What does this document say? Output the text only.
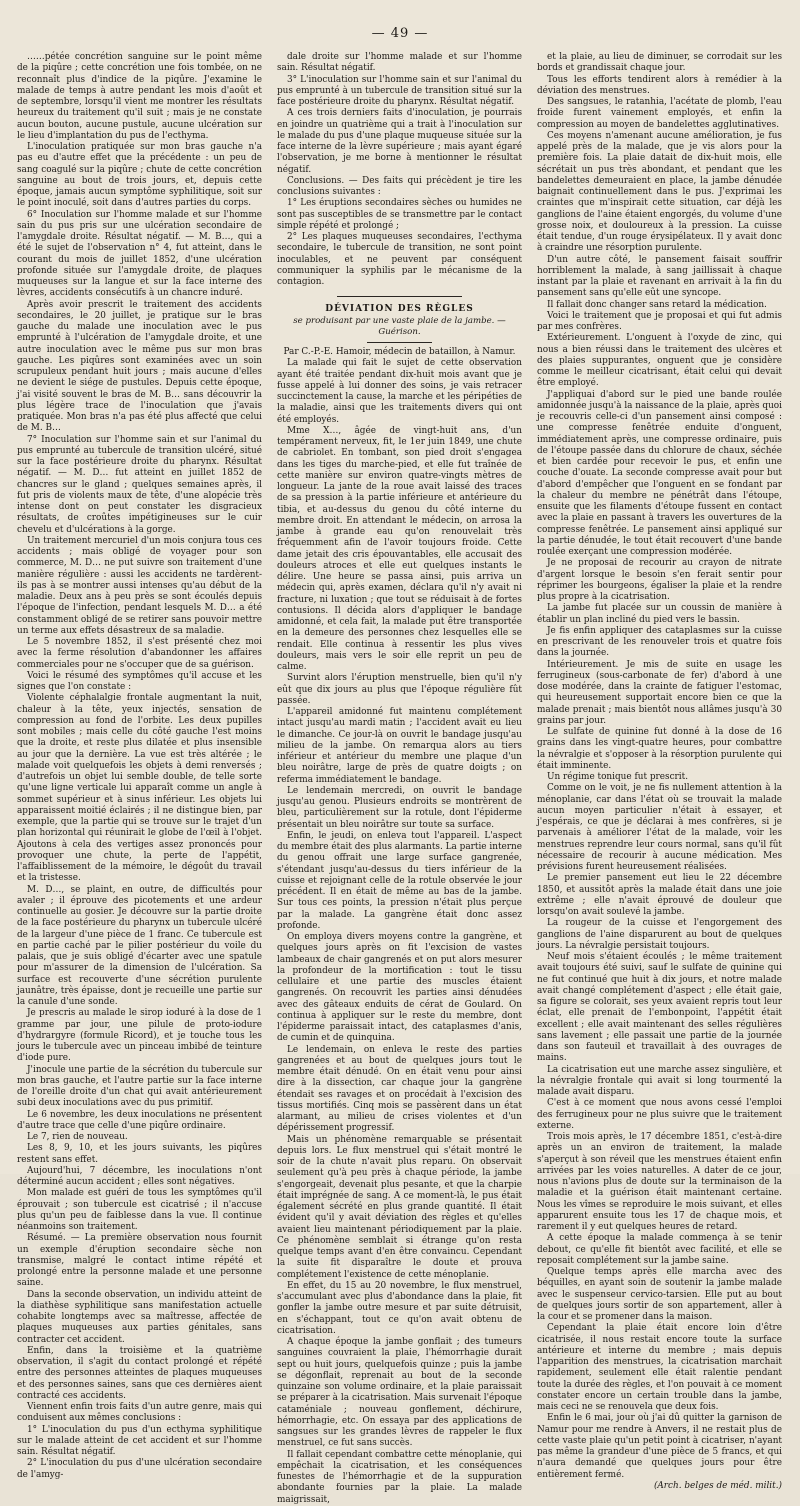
— 49 —

……pétée concrétion sanguine sur le point même de la piqûre ; cette concrétion une fois tombée, on ne reconnaît plus d'indice de la piqûre. J'examine le malade de temps à autre pendant les mois d'août et de septembre, lorsqu'il vient me montrer les résultats heureux du traitement qu'il suit ; mais je ne constate aucun bouton, aucune pustule, aucune ulcération sur le lieu d'implantation du pus de l'ecthyma.

L'inoculation pratiquée sur mon bras gauche n'a pas eu d'autre effet que la précédente : un peu de sang coagulé sur la piqûre ; chute de cette concrétion sanguine au bout de trois jours, et, depuis cette époque, jamais aucun symptôme syphilitique, soit sur le point inoculé, soit dans d'autres parties du corps.

6° Inoculation sur l'homme malade et sur l'homme sain du pus pris sur une ulcération secondaire de l'amygdale droite. Résultat négatif. — M. B…, qui a été le sujet de l'observation n° 4, fut atteint, dans le courant du mois de juillet 1852, d'une ulcération profonde située sur l'amygdale droite, de plaques muqueuses sur la langue et sur la face interne des lèvres, accidents consécutifs à un chancre induré.

Après avoir prescrit le traitement des accidents secondaires, le 20 juillet, je pratique sur le bras gauche du malade une inoculation avec le pus emprunté à l'ulcération de l'amygdale droite, et une autre inoculation avec le même pus sur mon bras gauche. Les piqûres sont examinées avec un soin scrupuleux pendant huit jours ; mais aucune d'elles ne devient le siége de pustules. Depuis cette époque, j'ai visité souvent le bras de M. B… sans découvrir la plus légère trace de l'inoculation que j'avais pratiquée. Mon bras n'a pas été plus affecté que celui de M. B…

7° Inoculation sur l'homme sain et sur l'animal du pus emprunté au tubercule de transition ulcéré, situé sur la face postérieure droite du pharynx. Résultat négatif. — M. D… fut atteint en juillet 1852 de chancres sur le gland ; quelques semaines après, il fut pris de violents maux de tête, d'une alopécie très intense dont on peut constater les disgracieux résultats, de croûtes impétigineuses sur le cuir chevelu et d'ulcérations à la gorge.

Un traitement mercuriel d'un mois conjura tous ces accidents ; mais obligé de voyager pour son commerce, M. D… ne put suivre son traitement d'une manière régulière : aussi les accidents ne tardèrent-ils pas à se montrer aussi intenses qu'au début de la maladie. Deux ans à peu près se sont écoulés depuis l'époque de l'infection, pendant lesquels M. D… a été constamment obligé de se retirer sans pouvoir mettre un terme aux effets désastreux de sa maladie.

Le 5 novembre 1852, il s'est présenté chez moi avec la ferme résolution d'abandonner les affaires commerciales pour ne s'occuper que de sa guérison.

Voici le résumé des symptômes qu'il accuse et les signes que l'on constate :

Violente céphalalgie frontale augmentant la nuit, chaleur à la tête, yeux injectés, sensation de compression au fond de l'orbite. Les deux pupilles sont mobiles ; mais celle du côté gauche l'est moins que la droite, et reste plus dilatée et plus insensible au jour que la dernière. La vue est très altérée ; le malade voit quelquefois les objets à demi renversés ; d'autrefois un objet lui semble double, de telle sorte qu'une ligne verticale lui apparaît comme un angle à sommet supérieur et à sinus inférieur. Les objets lui apparaissent moitié éclairés ; il ne distingue bien, par exemple, que la partie qui se trouve sur le trajet d'un plan horizontal qui réunirait le globe de l'œil à l'objet. Ajoutons à cela des vertiges assez prononcés pour provoquer une chute, la perte de l'appétit, l'affaiblissement de la mémoire, le dégoût du travail et la tristesse.

M. D…, se plaint, en outre, de difficultés pour avaler ; il éprouve des picotements et une ardeur continuelle au gosier. Je découvre sur la partie droite de la face postérieure du pharynx un tubercule ulcéré de la largeur d'une pièce de 1 franc. Ce tubercule est en partie caché par le pilier postérieur du voile du palais, que je suis obligé d'écarter avec une spatule pour m'assurer de la dimension de l'ulcération. Sa surface est recouverte d'une sécrétion purulente jaunâtre, très épaisse, dont je recueille une partie sur la canule d'une sonde.

Je prescris au malade le sirop ioduré à la dose de 1 gramme par jour, une pilule de proto-iodure d'hydrargyre (formule Ricord), et je touche tous les jours le tubercule avec un pinceau imbibé de teinture d'iode pure.

J'inocule une partie de la sécrétion du tubercule sur mon bras gauche, et l'autre partie sur la face interne de l'oreille droite d'un chat qui avait antérieurement subi deux inoculations avec du pus primitif.

Le 6 novembre, les deux inoculations ne présentent d'autre trace que celle d'une piqûre ordinaire.

Le 7, rien de nouveau.

Les 8, 9, 10, et les jours suivants, les piqûres restent sans effet.

Aujourd'hui, 7 décembre, les inoculations n'ont déterminé aucun accident ; elles sont négatives.

Mon malade est guéri de tous les symptômes qu'il éprouvait ; son tubercule est cicatrisé ; il n'accuse plus qu'un peu de faiblesse dans la vue. Il continue néanmoins son traitement.

Résumé. — La première observation nous fournit un exemple d'éruption secondaire sèche non transmise, malgré le contact intime répété et prolongé entre la personne malade et une personne saine.

Dans la seconde observation, un individu atteint de la diathèse syphilitique sans manifestation actuelle cohabite longtemps avec sa maîtresse, affectée de plaques muqueuses aux parties génitales, sans contracter cet accident.

Enfin, dans la troisième et la quatrième observation, il s'agit du contact prolongé et répété entre des personnes atteintes de plaques muqueuses et des personnes saines, sans que ces dernières aient contracté ces accidents.

Viennent enfin trois faits d'un autre genre, mais qui conduisent aux mêmes conclusions :

1° L'inoculation du pus d'un ecthyma syphilitique sur le malade atteint de cet accident et sur l'homme sain. Résultat négatif.

2° L'inoculation du pus d'une ulcération secondaire de l'amyg-

dale droite sur l'homme malade et sur l'homme sain. Résultat négatif.

3° L'inoculation sur l'homme sain et sur l'animal du pus emprunté à un tubercule de transition situé sur la face postérieure droite du pharynx. Résultat négatif.

A ces trois derniers faits d'inoculation, je pourrais en joindre un quatrième qui a trait à l'inoculation sur le malade du pus d'une plaque muqueuse située sur la face interne de la lèvre supérieure ; mais ayant égaré l'observation, je me borne à mentionner le résultat négatif.

Conclusions. — Des faits qui précèdent je tire les conclusions suivantes :

1° Les éruptions secondaires sèches ou humides ne sont pas susceptibles de se transmettre par le contact simple répété et prolongé ;

2° Les plaques muqueuses secondaires, l'ecthyma secondaire, le tubercule de transition, ne sont point inoculables, et ne peuvent par conséquent communiquer la syphilis par le mécanisme de la contagion.

DÉVIATION DES RÈGLES

se produisant par une vaste plaie de la jambe. — Guérison.

Par C.-P.-E. Hamoir, médecin de bataillon, à Namur.

La malade qui fait le sujet de cette observation ayant été traitée pendant dix-huit mois avant que je fusse appelé à lui donner des soins, je vais retracer succinctement la cause, la marche et les péripéties de la maladie, ainsi que les traitements divers qui ont été employés.

Mme X…, âgée de vingt-huit ans, d'un tempérament nerveux, fit, le 1er juin 1849, une chute de cabriolet. En tombant, son pied droit s'engagea dans les tiges du marche-pied, et elle fut traînée de cette manière sur environ quatre-vingts mètres de longueur. La jante de la roue avait laissé des traces de sa pression à la partie inférieure et antérieure du tibia, et au-dessus du genou du côté interne du membre droit. En attendant le médecin, on arrosa la jambe à grande eau qu'on renouvelait très fréquemment afin de l'avoir toujours froide. Cette dame jetait des cris épouvantables, elle accusait des douleurs atroces et elle eut quelques instants le délire. Une heure se passa ainsi, puis arriva un médecin qui, après examen, déclara qu'il n'y avait ni fracture, ni luxation ; que tout se réduisait à de fortes contusions. Il décida alors d'appliquer le bandage amidonné, et cela fait, la malade put être transportée en la demeure des personnes chez lesquelles elle se rendait. Elle continua à ressentir les plus vives douleurs, mais vers le soir elle reprit un peu de calme.

Survint alors l'éruption menstruelle, bien qu'il n'y eût que dix jours au plus que l'époque régulière fût passée.

L'appareil amidonné fut maintenu complétement intact jusqu'au mardi matin ; l'accident avait eu lieu le dimanche. Ce jour-là on ouvrit le bandage jusqu'au milieu de la jambe. On remarqua alors au tiers inférieur et antérieur du membre une plaque d'un bleu noirâtre, large de près de quatre doigts ; on referma immédiatement le bandage.

Le lendemain mercredi, on ouvrit le bandage jusqu'au genou. Plusieurs endroits se montrèrent de bleu, particulièrement sur la rotule, dont l'épiderme présentait un bleu noirâtre sur toute sa surface.

Enfin, le jeudi, on enleva tout l'appareil. L'aspect du membre était des plus alarmants. La partie interne du genou offrait une large surface gangrenée, s'étendant jusqu'au-dessus du tiers inférieur de la cuisse et rejoignant celle de la rotule observée le jour précédent. Il en était de même au bas de la jambe. Sur tous ces points, la pression n'était plus perçue par la malade. La gangrène était donc assez profonde.

On employa divers moyens contre la gangrène, et quelques jours après on fit l'excision de vastes lambeaux de chair gangrenés et on put alors mesurer la profondeur de la mortification : tout le tissu cellulaire et une partie des muscles étaient gangrenés. On recouvrit les parties ainsi dénudées avec des gâteaux enduits de cérat de Goulard. On continua à appliquer sur le reste du membre, dont l'épiderme paraissait intact, des cataplasmes d'anis, de cumin et de quinquina.

Le lendemain, on enleva le reste des parties gangrenées et au bout de quelques jours tout le membre était dénudé. On en était venu pour ainsi dire à la dissection, car chaque jour la gangrène étendait ses ravages et on procédait à l'excision des tissus mortifiés. Cinq mois se passèrent dans un état alarmant, au milieu de crises violentes et d'un dépérissement progressif.

Mais un phénomène remarquable se présentait depuis lors. Le flux menstruel qui s'était montré le soir de la chute n'avait plus reparu. On observait seulement qu'à peu près à chaque période, la jambe s'engorgeait, devenait plus pesante, et que la charpie était imprégnée de sang. A ce moment-là, le pus était également sécrété en plus grande quantité. Il était évident qu'il y avait déviation des règles et qu'elles avaient lieu maintenant périodiquement par la plaie. Ce phénomène semblait si étrange qu'on resta quelque temps avant d'en être convaincu. Cependant la suite fit disparaître le doute et prouva complétement l'existence de cette ménoplanie.

En effet, du 15 au 20 novembre, le flux menstruel, s'accumulant avec plus d'abondance dans la plaie, fit gonfler la jambe outre mesure et par suite détruisit, en s'échappant, tout ce qu'on avait obtenu de cicatrisation.

A chaque époque la jambe gonflait ; des tumeurs sanguines couvraient la plaie, l'hémorrhagie durait sept ou huit jours, quelquefois quinze ; puis la jambe se dégonflait, reprenait au bout de la seconde quinzaine son volume ordinaire, et la plaie paraissait se préparer à la cicatrisation. Mais survenait l'époque cataméniale ; nouveau gonflement, déchirure, hémorrhagie, etc. On essaya par des applications de sangsues sur les grandes lèvres de rappeler le flux menstruel, ce fut sans succès.

Il fallait cependant combattre cette ménoplanie, qui empêchait la cicatrisation, et les conséquences funestes de l'hémorrhagie et de la suppuration abondante fournies par la plaie. La malade maigrissait,

et la plaie, au lieu de diminuer, se corrodait sur les bords et grandissait chaque jour.

Tous les efforts tendirent alors à remédier à la déviation des menstrues.

Des sangsues, le ratanhia, l'acétate de plomb, l'eau froide furent vainement employés, et enfin la compression au moyen de bandelettes agglutinatives.

Ces moyens n'amenant aucune amélioration, je fus appelé près de la malade, que je vis alors pour la première fois. La plaie datait de dix-huit mois, elle sécrétait un pus très abondant, et pendant que les bandelettes demeuraient en place, la jambe dénudée baignait continuellement dans le pus. J'exprimai les craintes que m'inspirait cette situation, car déjà les ganglions de l'aine étaient engorgés, du volume d'une grosse noix, et douloureux à la pression. La cuisse était tendue, d'un rouge érysipélateux. Il y avait donc à craindre une résorption purulente.

D'un autre côté, le pansement faisait souffrir horriblement la malade, à sang jaillissait à chaque instant par la plaie et ravenant en arrivait à la fin du pansement sans qu'elle eût une syncope.

Il fallait donc changer sans retard la médication.

Voici le traitement que je proposai et qui fut admis par mes confrères.

Extérieurement. L'onguent à l'oxyde de zinc, qui nous a bien réussi dans le traitement des ulcères et des plaies suppurantes, onguent que je considère comme le meilleur cicatrisant, était celui qui devait être employé.

J'appliquai d'abord sur le pied une bande roulée amidonnée jusqu'à la naissance de la plaie, après quoi je recouvris celle-ci d'un pansement ainsi composé : une compresse fenêtrée enduite d'onguent, immédiatement après, une compresse ordinaire, puis de l'étoupe passée dans du chlorure de chaux, séchée et bien cardée pour recevoir le pus, et enfin une couche d'ouate. La seconde compresse avait pour but d'abord d'empêcher que l'onguent en se fondant par la chaleur du membre ne pénétrât dans l'étoupe, ensuite que les filaments d'étoupe fussent en contact avec la plaie en passant à travers les ouvertures de la compresse fenêtrée. Le pansement ainsi appliqué sur la partie dénudée, le tout était recouvert d'une bande roulée exerçant une compression modérée.

Je ne proposai de recourir au crayon de nitrate d'argent lorsque le besoin s'en ferait sentir pour réprimer les bourgeons, égaliser la plaie et la rendre plus propre à la cicatrisation.

La jambe fut placée sur un coussin de manière à établir un plan incliné du pied vers le bassin.

Je fis enfin appliquer des cataplasmes sur la cuisse en prescrivant de les renouveler trois et quatre fois dans la journée.

Intérieurement. Je mis de suite en usage les ferrugineux (sous-carbonate de fer) d'abord à une dose modérée, dans la crainte de fatiguer l'estomac, qui heureusement supportait encore bien ce que la malade prenait ; mais bientôt nous allâmes jusqu'à 30 grains par jour.

Le sulfate de quinine fut donné à la dose de 16 grains dans les vingt-quatre heures, pour combattre la névralgie et s'opposer à la résorption purulente qui était imminente.

Un régime tonique fut prescrit.

Comme on le voit, je ne fis nullement attention à la ménoplanie, car dans l'état où se trouvait la malade aucun moyen particulier n'était à essayer, et j'espérais, ce que je déclarai à mes confrères, si je parvenais à améliorer l'état de la malade, voir les menstrues reprendre leur cours normal, sans qu'il fût nécessaire de recourir à aucune médication. Mes prévisions furent heureusement réalisées.

Le premier pansement eut lieu le 22 décembre 1850, et aussitôt après la malade était dans une joie extrême ; elle n'avait éprouvé de douleur que lorsqu'on avait soulevé la jambe.

La rougeur de la cuisse et l'engorgement des ganglions de l'aine disparurent au bout de quelques jours. La névralgie persistait toujours.

Neuf mois s'étaient écoulés ; le même traitement avait toujours été suivi, sauf le sulfate de quinine qui ne fut continué que huit à dix jours, et notre malade avait changé complétement d'aspect ; elle était gaie, sa figure se colorait, ses yeux avaient repris tout leur éclat, elle prenait de l'embonpoint, l'appétit était excellent ; elle avait maintenant des selles régulières sans lavement ; elle passait une partie de la journée dans son fauteuil et travaillait à des ouvrages de mains.

La cicatrisation eut une marche assez singulière, et la névralgie frontale qui avait si long tourmenté la malade avait disparu.

C'est à ce moment que nous avons cessé l'emploi des ferrugineux pour ne plus suivre que le traitement externe.

Trois mois après, le 17 décembre 1851, c'est-à-dire après un an environ de traitement, la malade s'aperçut à son réveil que les menstrues étaient enfin arrivées par les voies naturelles. A dater de ce jour, nous n'avions plus de doute sur la terminaison de la maladie et la guérison était maintenant certaine. Nous les vîmes se reproduire le mois suivant, et elles apparurent ensuite tous les 17 de chaque mois, et rarement il y eut quelques heures de retard.

A cette époque la malade commença à se tenir debout, ce qu'elle fit bientôt avec facilité, et elle se reposait complétement sur la jambe saine.

Quelque temps après elle marcha avec des béquilles, en ayant soin de soutenir la jambe malade avec le suspenseur cervico-tarsien. Elle put au bout de quelques jours sortir de son appartement, aller à la cour et se promener dans la maison.

Cependant la plaie était encore loin d'être cicatrisée, il nous restait encore toute la surface antérieure et interne du membre ; mais depuis l'apparition des menstrues, la cicatrisation marchait rapidement, seulement elle était ralentie pendant toute la durée des règles, et l'on pouvait à ce moment constater encore un certain trouble dans la jambe, mais ceci ne se renouvela que deux fois.

Enfin le 6 mai, jour où j'ai dû quitter la garnison de Namur pour me rendre à Anvers, il ne restait plus de cette vaste plaie qu'un petit point à cicatriser, n'ayant pas même la grandeur d'une pièce de 5 francs, et qui n'aura demandé que quelques jours pour être entièrement fermé.

(Arch. belges de méd. milit.)
